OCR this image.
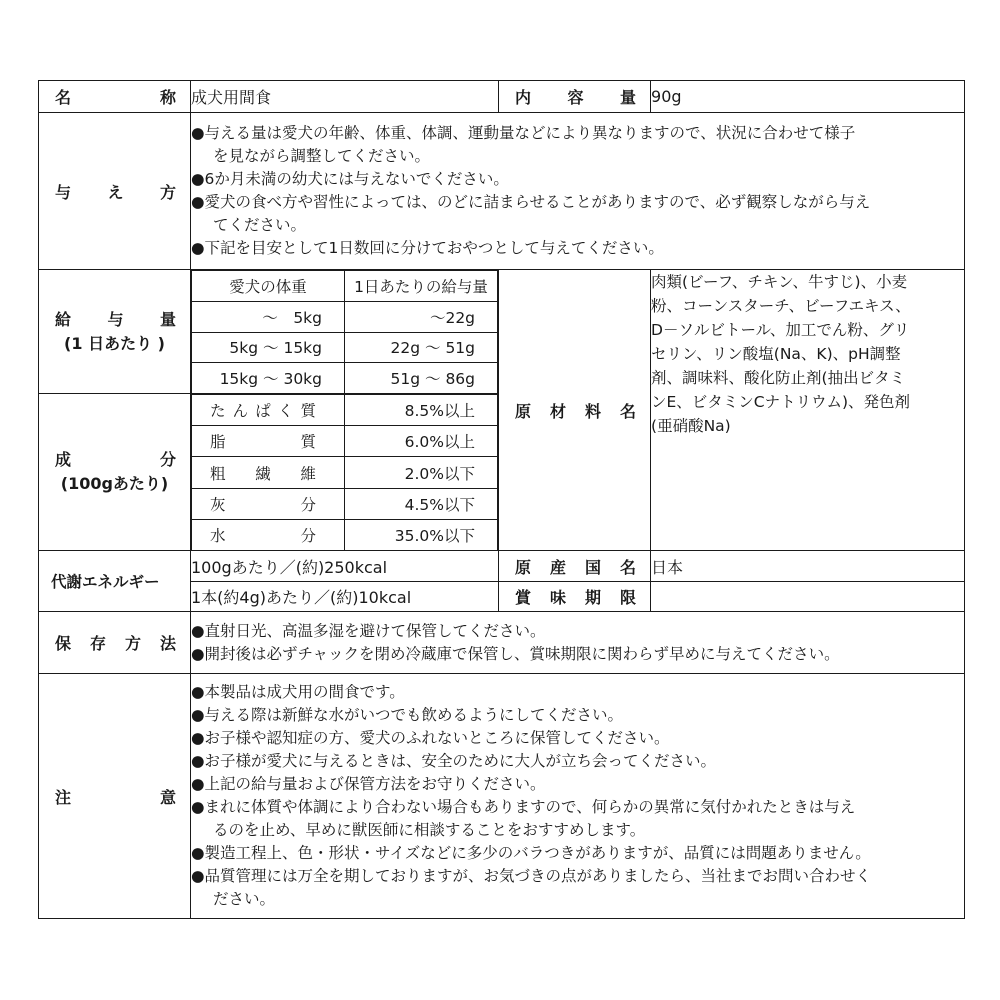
名	称	成犬用間食	内 容 量	90g

与 え 方

●与える量は愛犬の年齢、体重、体調、運動量などにより異なりますので、状況に合わせて様子
を見ながら調整してください。
●6か月未満の幼犬には与えないでください。
●愛犬の食べ方や習性によっては、のどに詰まらせることがありますので、必ず観察しながら与え
てください。
●下記を目安として1日数回に分けておやつとして与えてください。

給 与 量
(1 日あたり )

愛犬の体重	1日あたりの給与量
～　5kg	～22g
5kg ～ 15kg	22g ～ 51g
15kg ～ 30kg	51g ～ 86g

原 材 料 名

肉類(ビーフ、チキン、牛すじ)、小麦
粉、コーンスターチ、ビーフエキス、
D－ソルビトール、加工でん粉、グリ
セリン、リン酸塩(Na、K)、pH調整
剤、調味料、酸化防止剤(抽出ビタミ
ンE、ビタミンCナトリウム)、発色剤
(亜硝酸Na)

成	分
(100gあたり)

た ん ぱ く 質	8.5%以上

脂	質	6.0%以上

粗 繊 維	2.0%以下

灰	分	4.5%以下

水	分	35.0%以下

代謝エネルギー
	100gあたり／(約)250kcal	原 産 国 名	日本
1本(約4g)あたり／(約)10kcal	賞 味 期 限

保 存 方 法

●直射日光、高温多湿を避けて保管してください。
●開封後は必ずチャックを閉め冷蔵庫で保管し、賞味期限に関わらず早めに与えてください。

注	意

●本製品は成犬用の間食です。
●与える際は新鮮な水がいつでも飲めるようにしてください。
●お子様や認知症の方、愛犬のふれないところに保管してください。
●お子様が愛犬に与えるときは、安全のために大人が立ち会ってください。
●上記の給与量および保管方法をお守りください。
●まれに体質や体調により合わない場合もありますので、何らかの異常に気付かれたときは与え
るのを止め、早めに獣医師に相談することをおすすめします。
●製造工程上、色・形状・サイズなどに多少のバラつきがありますが、品質には問題ありません。
●品質管理には万全を期しておりますが、お気づきの点がありましたら、当社までお問い合わせく
ださい。
